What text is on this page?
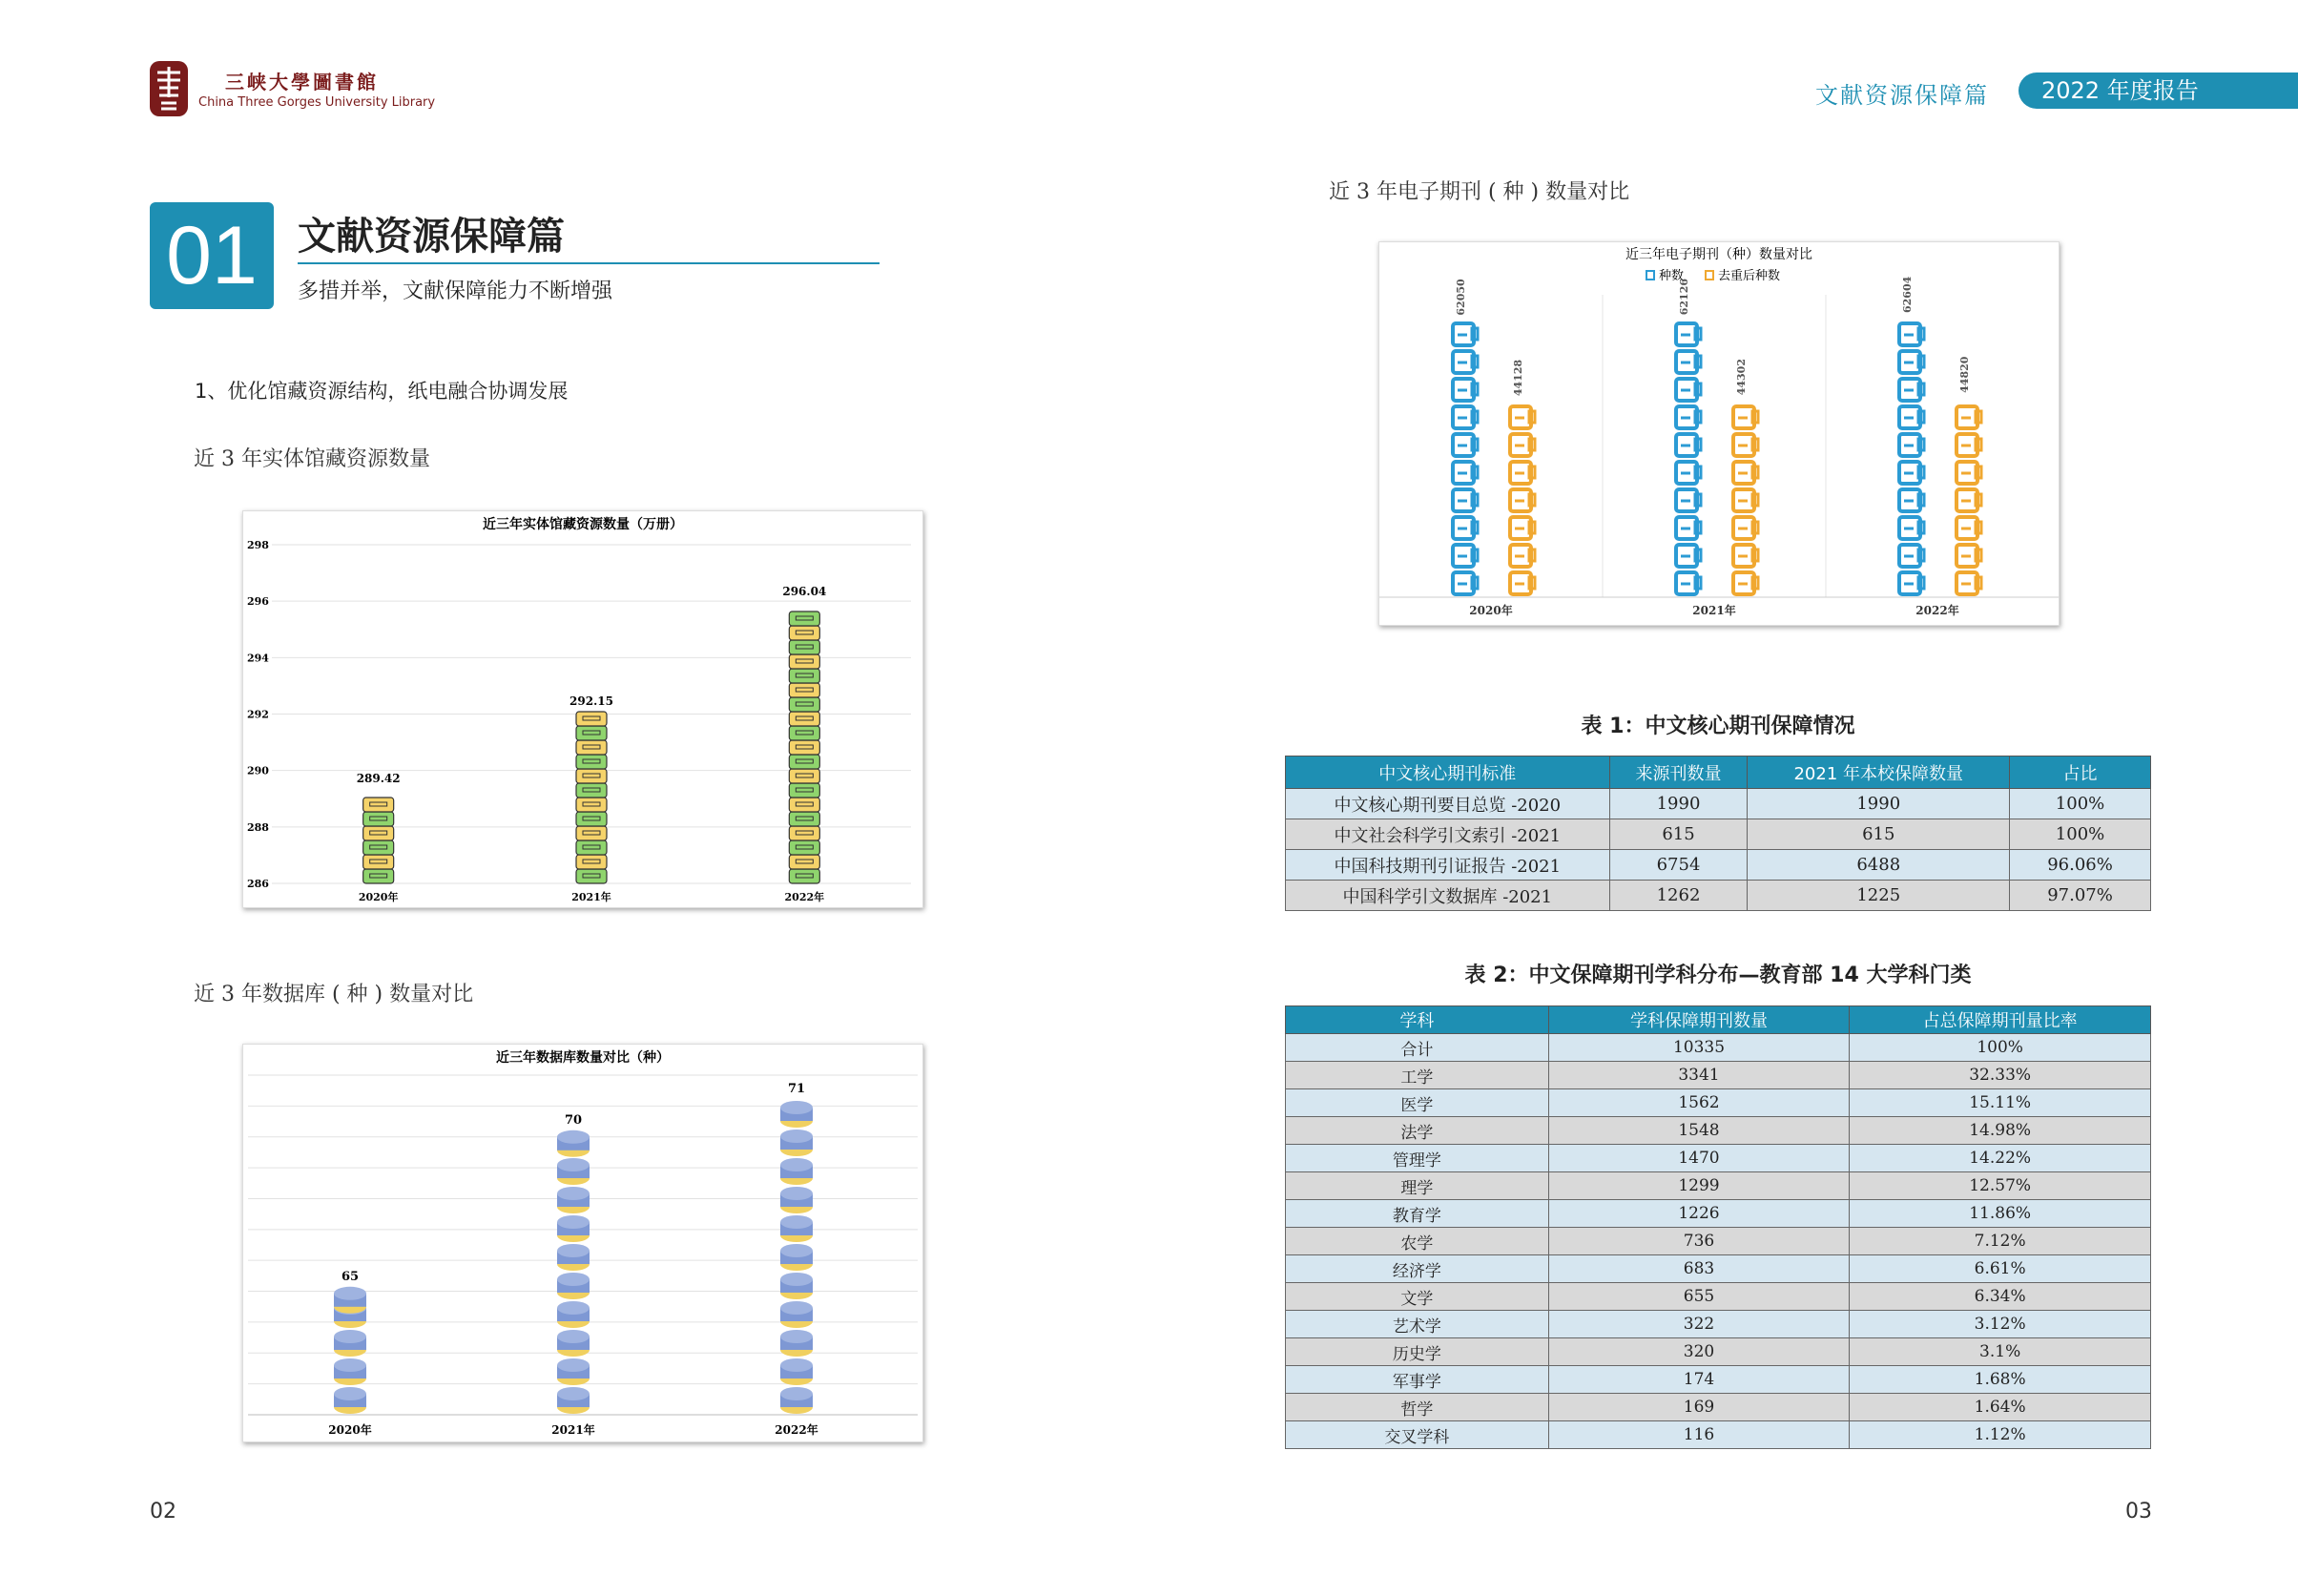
三峡大學圖書館
China Three Gorges University Library	文献资源保障篇	2022 年度报告
01	文献资源保障篇
多措并举，文献保障能力不断增强
1、优化馆藏资源结构，纸电融合协调发展
近 3 年实体馆藏资源数量
近三年实体馆藏资源数量（万册）
286
288
290
292
294
296
298
289.42
2020年
292.15
2021年
296.04
2022年
近 3 年数据库 ( 种 ) 数量对比
近三年数据库数量对比（种）
65
2020年
70
2021年
71
2022年
近 3 年电子期刊 ( 种 ) 数量对比
近三年电子期刊（种）数量对比
种数	去重后种数
62050
44128
2020年
62126
44302
2021年
62604
44820
2022年
表 1：中文核心期刊保障情况
中文核心期刊标准	来源刊数量	2021 年本校保障数量	占比
中文核心期刊要目总览 -2020	1990	1990	100%
中文社会科学引文索引 -2021	615	615	100%
中国科技期刊引证报告 -2021	6754	6488	96.06%
中国科学引文数据库 -2021	1262	1225	97.07%
表 2：中文保障期刊学科分布—教育部 14 大学科门类
学科	学科保障期刊数量	占总保障期刊量比率
合计	10335	100%
工学	3341	32.33%
医学	1562	15.11%
法学	1548	14.98%
管理学	1470	14.22%
理学	1299	12.57%
教育学	1226	11.86%
农学	736	7.12%
经济学	683	6.61%
文学	655	6.34%
艺术学	322	3.12%
历史学	320	3.1%
军事学	174	1.68%
哲学	169	1.64%
交叉学科	116	1.12%
02	03
